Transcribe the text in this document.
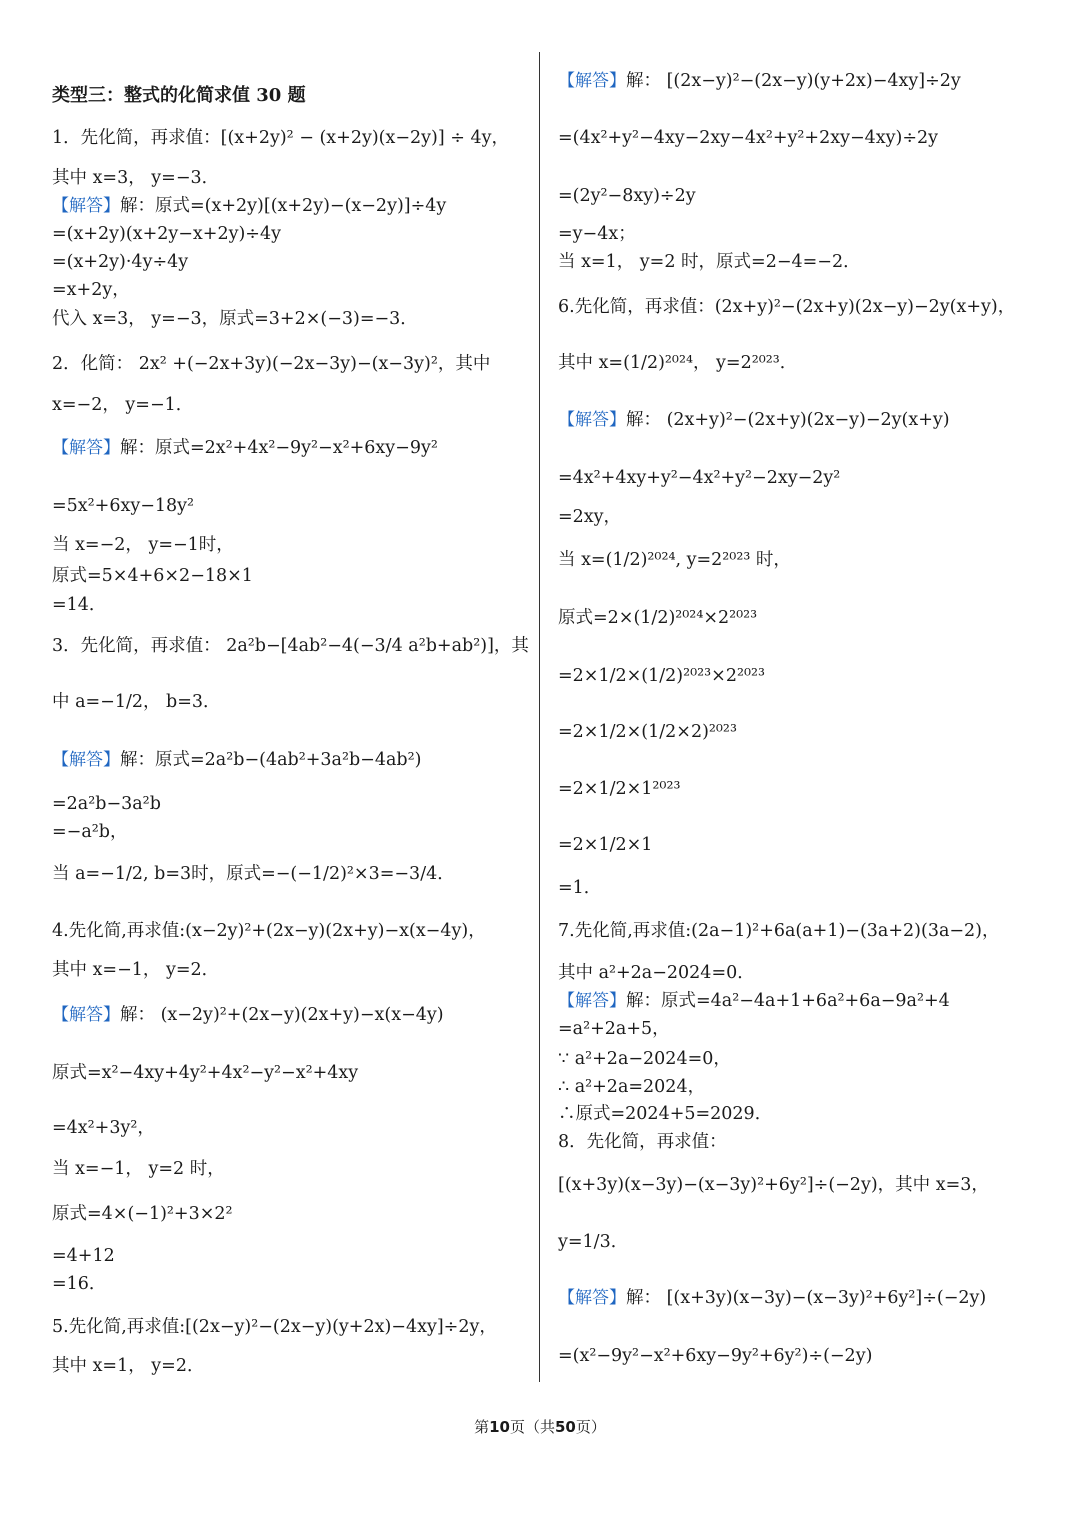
类型三：整式的化简求值 30 题
1．先化简，再求值：[(x+2y)² − (x+2y)(x−2y)] ÷ 4y，
其中 x=3， y=−3．
【解答】解：原式=(x+2y)[(x+2y)−(x−2y)]÷4y
=(x+2y)(x+2y−x+2y)÷4y
=(x+2y)·4y÷4y
=x+2y，
代入 x=3， y=−3，原式=3+2×(−3)=−3．
2．化简： 2x² +(−2x+3y)(−2x−3y)−(x−3y)²，其中
x=−2， y=−1．
【解答】解：原式=2x²+4x²−9y²−x²+6xy−9y²
=5x²+6xy−18y²
当 x=−2， y=−1时，
原式=5×4+6×2−18×1
=14．
3．先化简，再求值： 2a²b−[4ab²−4(−3/4 a²b+ab²)]，其
中 a=−1/2， b=3．
【解答】解：原式=2a²b−(4ab²+3a²b−4ab²)
=2a²b−3a²b
=−a²b，
当 a=−1/2, b=3时，原式=−(−1/2)²×3=−3/4．
4.先化简,再求值:(x−2y)²+(2x−y)(2x+y)−x(x−4y)，
其中 x=−1， y=2．
【解答】解： (x−2y)²+(2x−y)(2x+y)−x(x−4y)
原式=x²−4xy+4y²+4x²−y²−x²+4xy
=4x²+3y²，
当 x=−1， y=2 时，
原式=4×(−1)²+3×2²
=4+12
=16．
5.先化简,再求值:[(2x−y)²−(2x−y)(y+2x)−4xy]÷2y，
其中 x=1， y=2．
【解答】解： [(2x−y)²−(2x−y)(y+2x)−4xy]÷2y
=(4x²+y²−4xy−2xy−4x²+y²+2xy−4xy)÷2y
=(2y²−8xy)÷2y
=y−4x；
当 x=1， y=2 时，原式=2−4=−2．
6.先化简，再求值：(2x+y)²−(2x+y)(2x−y)−2y(x+y)，
其中 x=(1/2)²⁰²⁴， y=2²⁰²³．
【解答】解： (2x+y)²−(2x+y)(2x−y)−2y(x+y)
=4x²+4xy+y²−4x²+y²−2xy−2y²
=2xy，
当 x=(1/2)²⁰²⁴, y=2²⁰²³ 时，
原式=2×(1/2)²⁰²⁴×2²⁰²³
=2×1/2×(1/2)²⁰²³×2²⁰²³
=2×1/2×(1/2×2)²⁰²³
=2×1/2×1²⁰²³
=2×1/2×1
=1．
7.先化简,再求值:(2a−1)²+6a(a+1)−(3a+2)(3a−2)，
其中 a²+2a−2024=0．
【解答】解：原式=4a²−4a+1+6a²+6a−9a²+4
=a²+2a+5，
∵ a²+2a−2024=0，
∴ a²+2a=2024，
∴原式=2024+5=2029．
8．先化简，再求值：
[(x+3y)(x−3y)−(x−3y)²+6y²]÷(−2y)，其中 x=3，
y=1/3．
【解答】解： [(x+3y)(x−3y)−(x−3y)²+6y²]÷(−2y)
=(x²−9y²−x²+6xy−9y²+6y²)÷(−2y)
第10页（共50页）
